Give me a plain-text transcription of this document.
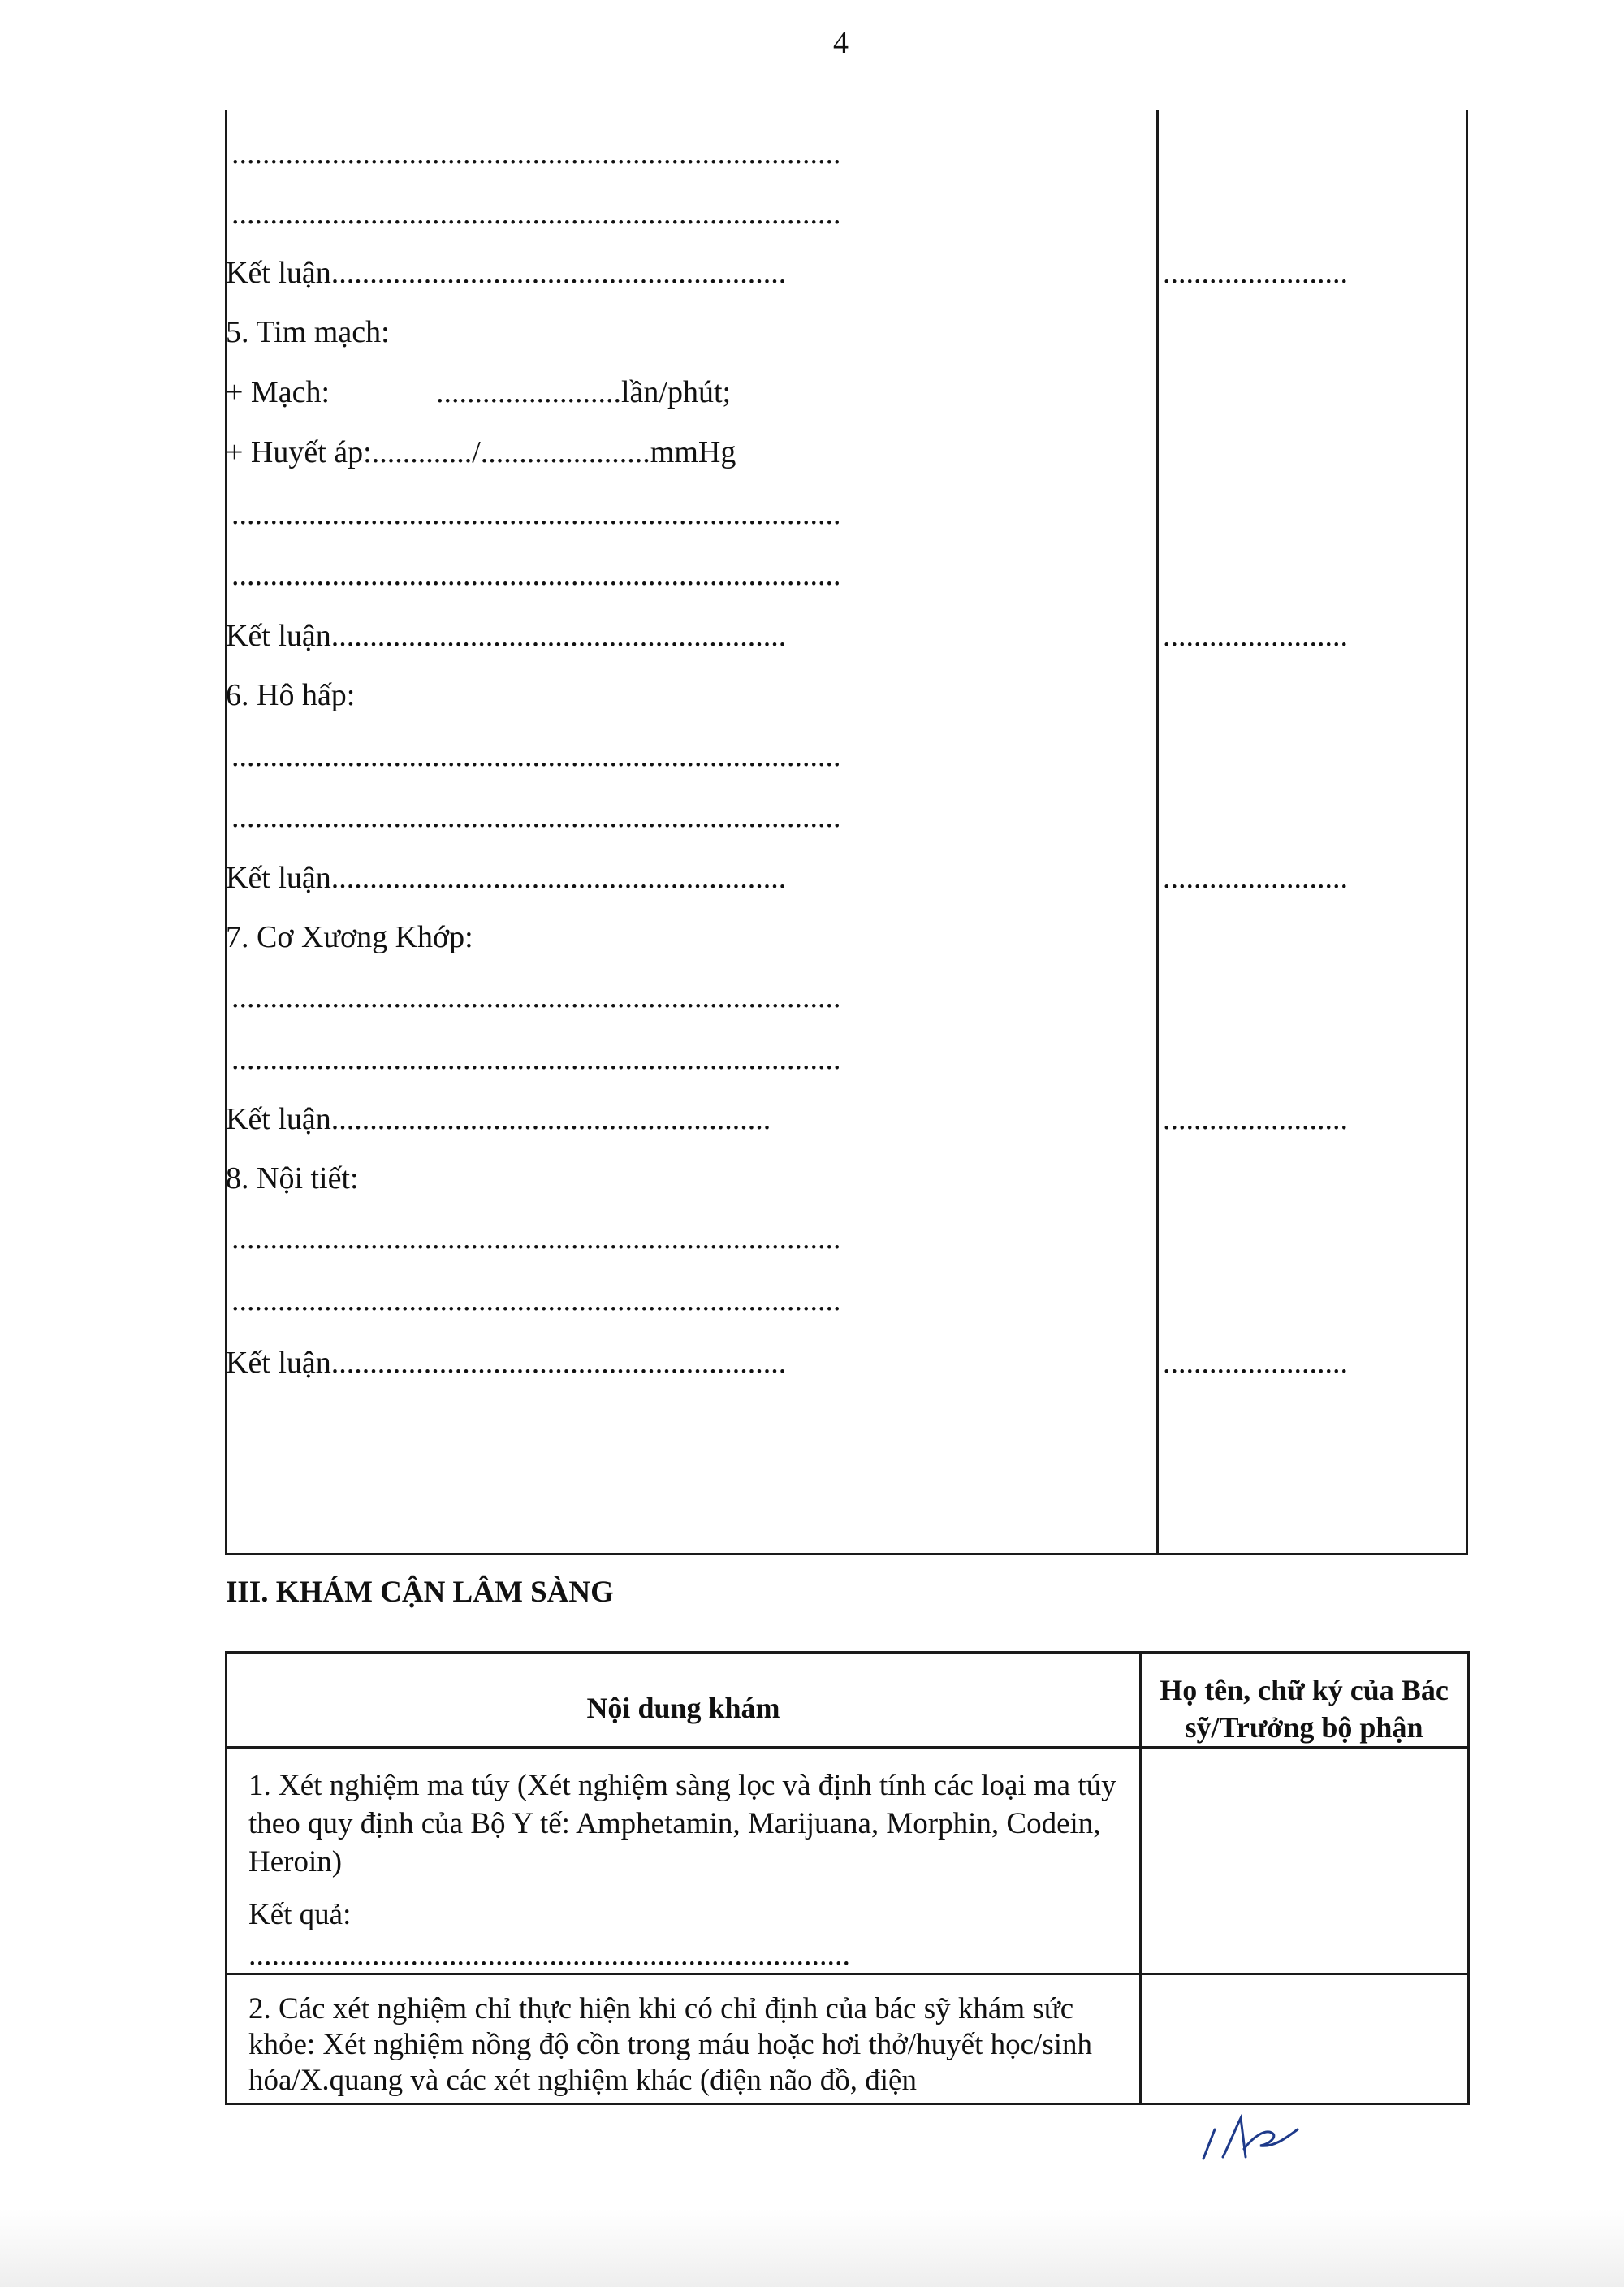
4
...............................................................................
...............................................................................
Kết luận...........................................................	........................
5. Tim mạch:
+ Mạch:	........................lần/phút;
+ Huyết áp:............./......................mmHg
...............................................................................
...............................................................................
Kết luận...........................................................	........................
6. Hô hấp:
...............................................................................
...............................................................................
Kết luận...........................................................	........................
7. Cơ Xương Khớp:
...............................................................................
...............................................................................
Kết luận.........................................................	........................
8. Nội tiết:
...............................................................................
...............................................................................
Kết luận...........................................................	........................
III. KHÁM CẬN LÂM SÀNG
Nội dung khám
Họ tên, chữ ký của Bác sỹ/Trưởng bộ phận
1. Xét nghiệm ma túy (Xét nghiệm sàng lọc và định tính các loại ma túy theo quy định của Bộ Y tế: Amphetamin, Marijuana, Morphin, Codein, Heroin)
Kết quả:
..............................................................................
2. Các xét nghiệm chỉ thực hiện khi có chỉ định của bác sỹ khám sức khỏe: Xét nghiệm nồng độ cồn trong máu hoặc hơi thở/huyết học/sinh hóa/X.quang và các xét nghiệm khác (điện não đồ, điện
